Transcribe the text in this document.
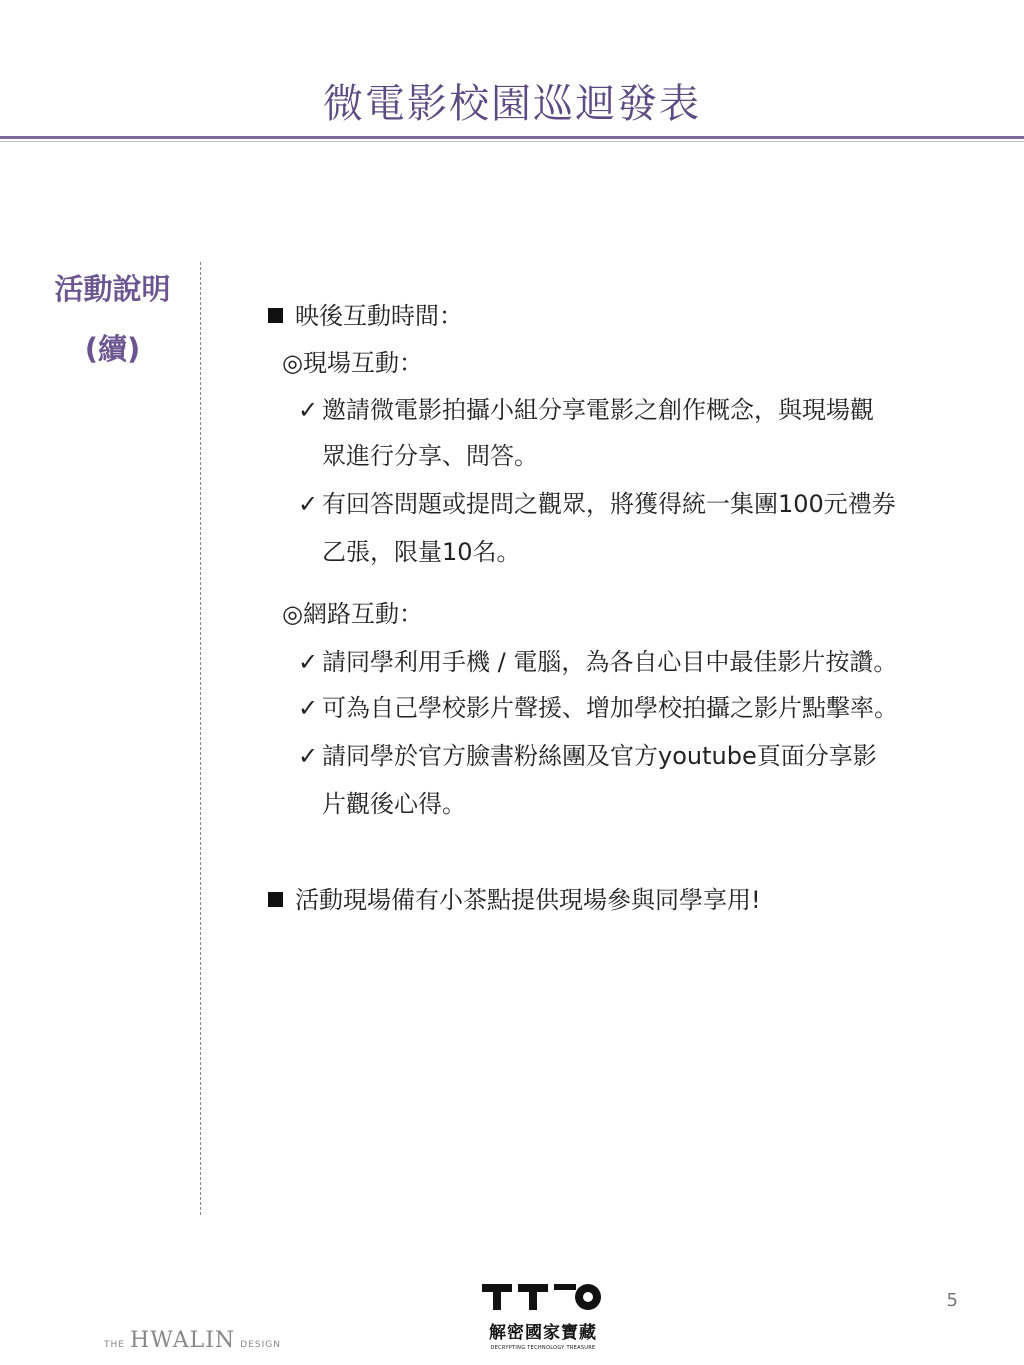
微電影校園巡迴發表
活動說明
(續)
映後互動時間：
◎現場互動：
✓ 邀請微電影拍攝小組分享電影之創作概念，與現場觀
眾進行分享、問答。
✓ 有回答問題或提問之觀眾，將獲得統一集團100元禮券
乙張，限量10名。
◎網路互動：
✓ 請同學利用手機 / 電腦，為各自心目中最佳影片按讚。
✓ 可為自己學校影片聲援、增加學校拍攝之影片點擊率。
✓ 請同學於官方臉書粉絲團及官方youtube頁面分享影
片觀後心得。
活動現場備有小茶點提供現場參與同學享用!
5
解密國家寶藏
DECRYPTING TECHNOLOGY TREASURE
THE HWALIN DESIGN
